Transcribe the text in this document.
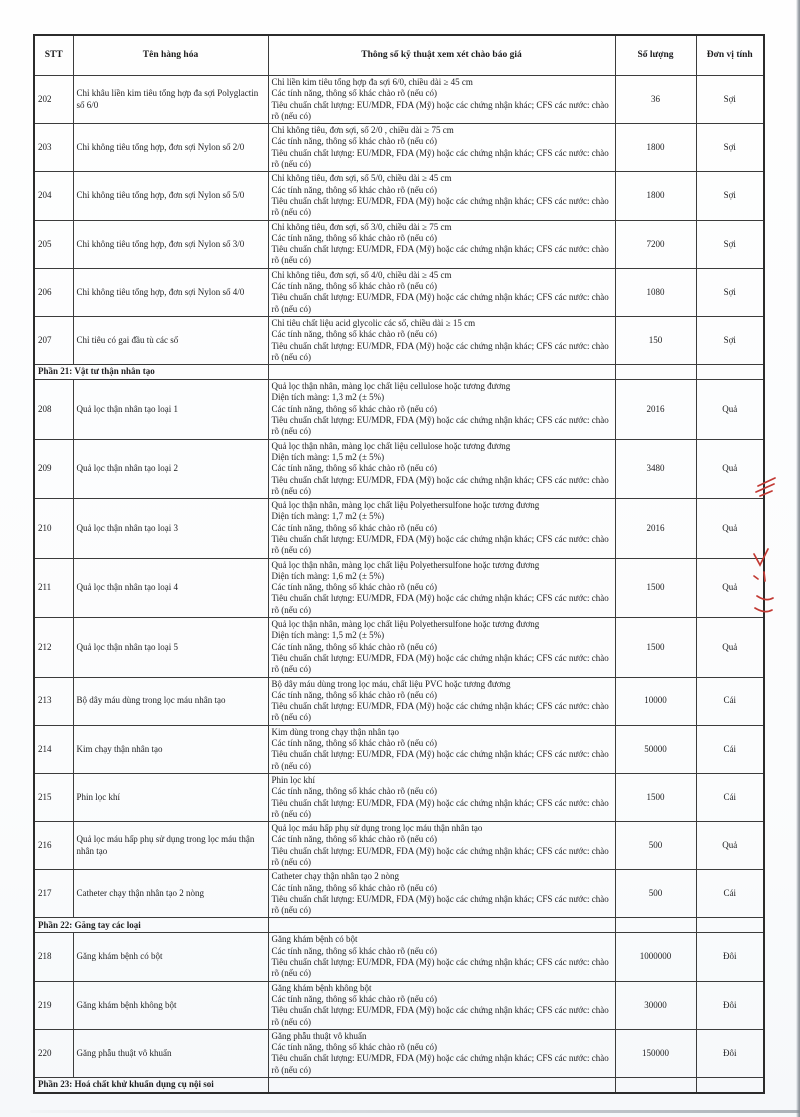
STT	Tên hàng hóa	Thông số kỹ thuật xem xét chào báo giá	Số lượng	Đơn vị tính
202	Chỉ khâu liền kim tiêu tổng hợp đa sợi Polyglactin số 6/0	Chỉ liền kim tiêu tổng hợp đa sợi 6/0, chiều dài ≥ 45 cm
Các tính năng, thông số khác chào rõ (nếu có)
Tiêu chuẩn chất lượng: EU/MDR, FDA (Mỹ) hoặc các chứng nhận khác; CFS các nước: chào rõ (nếu có)	36	Sợi
203	Chỉ không tiêu tổng hợp, đơn sợi Nylon số 2/0	Chỉ không tiêu, đơn sợi, số 2/0 , chiều dài ≥ 75 cm
Các tính năng, thông số khác chào rõ (nếu có)
Tiêu chuẩn chất lượng: EU/MDR, FDA (Mỹ) hoặc các chứng nhận khác; CFS các nước: chào rõ (nếu có)	1800	Sợi
204	Chỉ không tiêu tổng hợp, đơn sợi Nylon số 5/0	Chỉ không tiêu, đơn sợi, số 5/0, chiều dài ≥ 45 cm
Các tính năng, thông số khác chào rõ (nếu có)
Tiêu chuẩn chất lượng: EU/MDR, FDA (Mỹ) hoặc các chứng nhận khác; CFS các nước: chào rõ (nếu có)	1800	Sợi
205	Chỉ không tiêu tổng hợp, đơn sợi Nylon số 3/0	Chỉ không tiêu, đơn sợi, số 3/0, chiều dài ≥ 75 cm
Các tính năng, thông số khác chào rõ (nếu có)
Tiêu chuẩn chất lượng: EU/MDR, FDA (Mỹ) hoặc các chứng nhận khác; CFS các nước: chào rõ (nếu có)	7200	Sợi
206	Chỉ không tiêu tổng hợp, đơn sợi Nylon số 4/0	Chỉ không tiêu, đơn sợi, số 4/0, chiều dài ≥ 45 cm
Các tính năng, thông số khác chào rõ (nếu có)
Tiêu chuẩn chất lượng: EU/MDR, FDA (Mỹ) hoặc các chứng nhận khác; CFS các nước: chào rõ (nếu có)	1080	Sợi
207	Chỉ tiêu có gai đầu tù các số	Chỉ tiêu chất liệu acid glycolic các số, chiều dài ≥ 15 cm
Các tính năng, thông số khác chào rõ (nếu có)
Tiêu chuẩn chất lượng: EU/MDR, FDA (Mỹ) hoặc các chứng nhận khác; CFS các nước: chào rõ (nếu có)	150	Sợi
Phần 21: Vật tư thận nhân tạo				
208	Quả lọc thận nhân tạo loại 1	Quả lọc thận nhân, màng lọc chất liệu cellulose hoặc tương đương
Diện tích màng: 1,3 m2 (± 5%)
Các tính năng, thông số khác chào rõ (nếu có)
Tiêu chuẩn chất lượng: EU/MDR, FDA (Mỹ) hoặc các chứng nhận khác; CFS các nước: chào rõ (nếu có)	2016	Quả
209	Quả lọc thận nhân tạo loại 2	Quả lọc thận nhân, màng lọc chất liệu cellulose hoặc tương đương
Diện tích màng: 1,5 m2 (± 5%)
Các tính năng, thông số khác chào rõ (nếu có)
Tiêu chuẩn chất lượng: EU/MDR, FDA (Mỹ) hoặc các chứng nhận khác; CFS các nước: chào rõ (nếu có)	3480	Quả
210	Quả lọc thận nhân tạo loại 3	Quả lọc thận nhân, màng lọc chất liệu Polyethersulfone hoặc tương đương
Diện tích màng: 1,7 m2 (± 5%)
Các tính năng, thông số khác chào rõ (nếu có)
Tiêu chuẩn chất lượng: EU/MDR, FDA (Mỹ) hoặc các chứng nhận khác; CFS các nước: chào rõ (nếu có)	2016	Quả
211	Quả lọc thận nhân tạo loại 4	Quả lọc thận nhân, màng lọc chất liệu Polyethersulfone hoặc tương đương
Diện tích màng: 1,6 m2 (± 5%)
Các tính năng, thông số khác chào rõ (nếu có)
Tiêu chuẩn chất lượng: EU/MDR, FDA (Mỹ) hoặc các chứng nhận khác; CFS các nước: chào rõ (nếu có)	1500	Quả
212	Quả lọc thận nhân tạo loại 5	Quả lọc thận nhân, màng lọc chất liệu Polyethersulfone hoặc tương đương
Diện tích màng: 1,5 m2 (± 5%)
Các tính năng, thông số khác chào rõ (nếu có)
Tiêu chuẩn chất lượng: EU/MDR, FDA (Mỹ) hoặc các chứng nhận khác; CFS các nước: chào rõ (nếu có)	1500	Quả
213	Bộ dây máu dùng trong lọc máu nhân tạo	Bộ dây máu dùng trong lọc máu, chất liệu PVC hoặc tương đương
Các tính năng, thông số khác chào rõ (nếu có)
Tiêu chuẩn chất lượng: EU/MDR, FDA (Mỹ) hoặc các chứng nhận khác; CFS các nước: chào rõ (nếu có)	10000	Cái
214	Kim chạy thận nhân tạo	Kim dùng trong chạy thận nhân tạo
Các tính năng, thông số khác chào rõ (nếu có)
Tiêu chuẩn chất lượng: EU/MDR, FDA (Mỹ) hoặc các chứng nhận khác; CFS các nước: chào rõ (nếu có)	50000	Cái
215	Phin lọc khí	Phin lọc khí
Các tính năng, thông số khác chào rõ (nếu có)
Tiêu chuẩn chất lượng: EU/MDR, FDA (Mỹ) hoặc các chứng nhận khác; CFS các nước: chào rõ (nếu có)	1500	Cái
216	Quả lọc máu hấp phụ sử dụng trong lọc máu thận nhân tạo	Quả lọc máu hấp phụ sử dụng trong lọc máu thận nhân tạo
Các tính năng, thông số khác chào rõ (nếu có)
Tiêu chuẩn chất lượng: EU/MDR, FDA (Mỹ) hoặc các chứng nhận khác; CFS các nước: chào rõ (nếu có)	500	Quả
217	Catheter chạy thận nhân tạo 2 nòng	Catheter chạy thận nhân tạo 2 nòng
Các tính năng, thông số khác chào rõ (nếu có)
Tiêu chuẩn chất lượng: EU/MDR, FDA (Mỹ) hoặc các chứng nhận khác; CFS các nước: chào rõ (nếu có)	500	Cái
Phần 22: Găng tay các loại				
218	Găng khám bệnh có bột	Găng khám bệnh có bột
Các tính năng, thông số khác chào rõ (nếu có)
Tiêu chuẩn chất lượng: EU/MDR, FDA (Mỹ) hoặc các chứng nhận khác; CFS các nước: chào rõ (nếu có)	1000000	Đôi
219	Găng khám bệnh không bột	Găng khám bệnh không bột
Các tính năng, thông số khác chào rõ (nếu có)
Tiêu chuẩn chất lượng: EU/MDR, FDA (Mỹ) hoặc các chứng nhận khác; CFS các nước: chào rõ (nếu có)	30000	Đôi
220	Găng phẫu thuật vô khuẩn	Găng phẫu thuật vô khuẩn
Các tính năng, thông số khác chào rõ (nếu có)
Tiêu chuẩn chất lượng: EU/MDR, FDA (Mỹ) hoặc các chứng nhận khác; CFS các nước: chào rõ (nếu có)	150000	Đôi
Phần 23: Hoá chất khử khuẩn dụng cụ nội soi				
